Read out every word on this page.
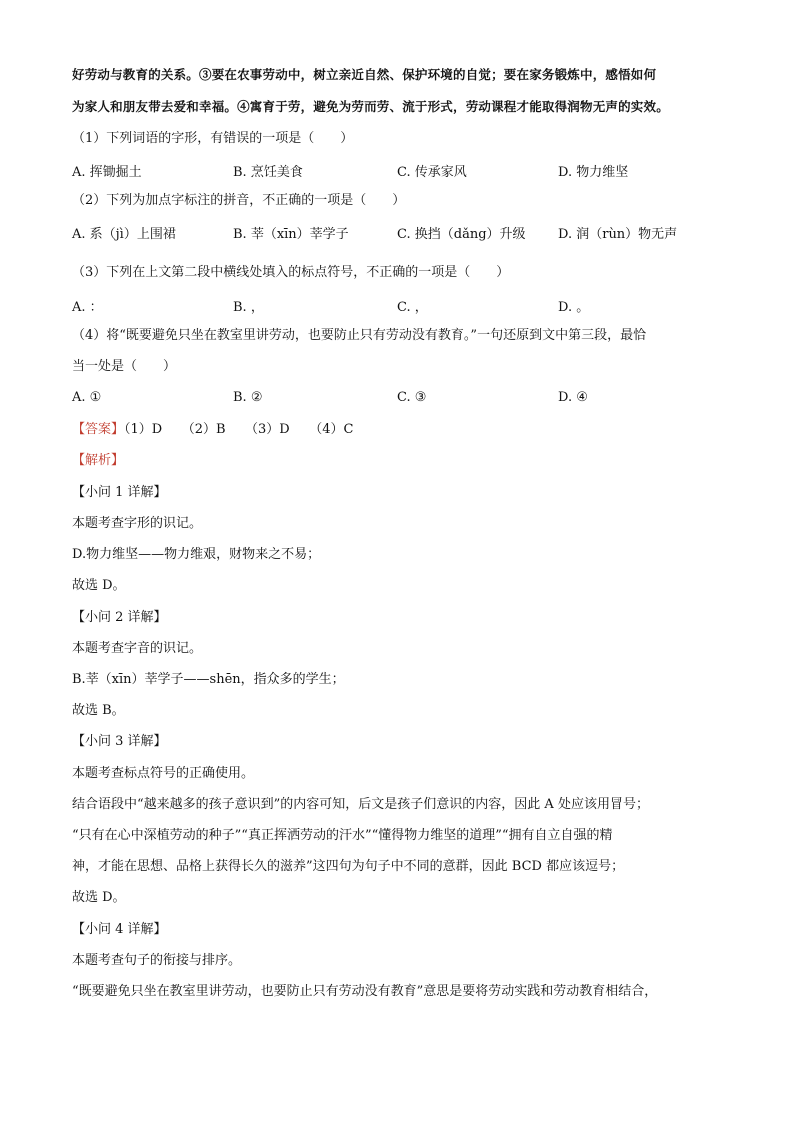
好劳动与教育的关系。③要在农事劳动中，树立亲近自然、保护环境的自觉；要在家务锻炼中，感悟如何
为家人和朋友带去爱和幸福。④寓育于劳，避免为劳而劳、流于形式，劳动课程才能取得润物无声的实效。
（1）下列词语的字形，有错误的一项是（　　）
A. 挥锄掘土	B. 烹饪美食	C. 传承家风	D. 物力维坚
（2）下列为加点字标注的拼音，不正确的一项是（　　）
A. 系（jì）上围裙	B. 莘（xīn）莘学子	C. 换挡（dǎng）升级 D. 润（rùn）物无声
（3）下列在上文第二段中横线处填入的标点符号，不正确的一项是（　　）
A. ：	B. ，	C. ，	D. 。
（4）将“既要避免只坐在教室里讲劳动，也要防止只有劳动没有教育。”一句还原到文中第三段，最恰
当一处是（　　）
A. ①	B. ②	C. ③	D. ④
【答案】（1）D　　（2）B　　（3）D　　（4）C
【解析】
【小问 1 详解】
本题考查字形的识记。
D.物力维坚——物力维艰，财物来之不易；
故选 D。
【小问 2 详解】
本题考查字音的识记。
B.莘（xīn）莘学子——shēn，指众多的学生；
故选 B。
【小问 3 详解】
本题考查标点符号的正确使用。
结合语段中“越来越多的孩子意识到”的内容可知，后文是孩子们意识的内容，因此 A 处应该用冒号；
“只有在心中深植劳动的种子”“真正挥洒劳动的汗水”“懂得物力维坚的道理”“拥有自立自强的精
神，才能在思想、品格上获得长久的滋养”这四句为句子中不同的意群，因此 BCD 都应该逗号；
故选 D。
【小问 4 详解】
本题考查句子的衔接与排序。
“既要避免只坐在教室里讲劳动，也要防止只有劳动没有教育”意思是要将劳动实践和劳动教育相结合，
